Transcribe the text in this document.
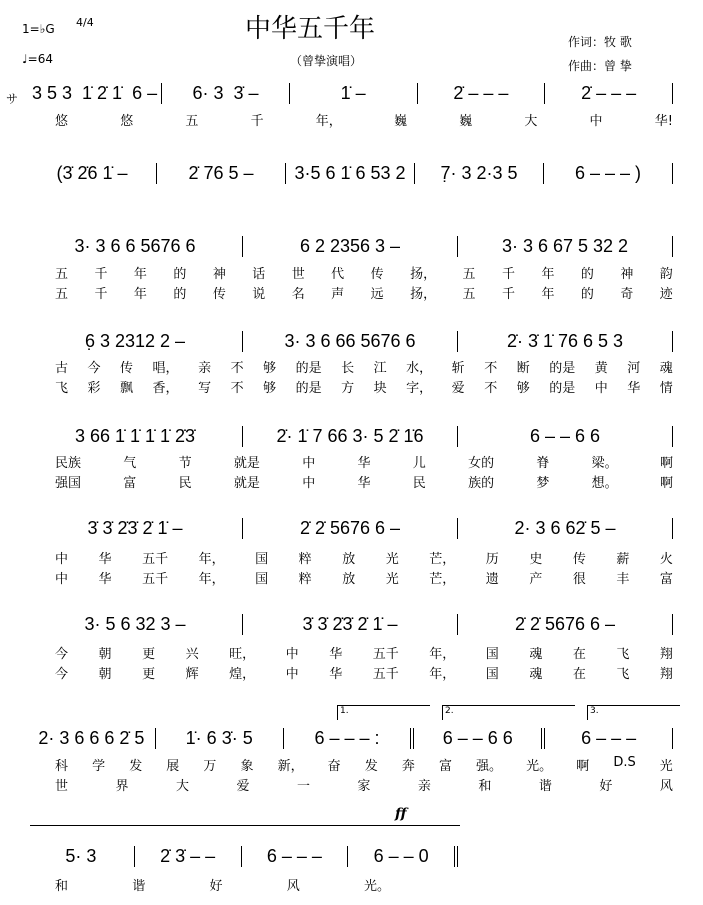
中华五千年
1=♭G 4/4
♩=64	（曾挚演唱）
作词：牧 歌
作曲：曾 挚
サ 3 5 3  1̇ 2̇ 1̇  6 –	6· 3  3̇ –	1̇ –	2̇ – – –	2̇ – – –
悠	悠	五	千	年，	巍	巍	大	中	华!
(3̇ 2̇6 1̇ –	2̇ 76 5 –	3·5 6 1̇ 6 53 2	7̣· 3 2·3 5	6 – – – )
3· 3 6 6 5676 6	6 2 2356 3 –	3· 3 6 67 5 32 2
五 千 年 的 神 话 世 代 传 扬， 五 千 年 的 神 韵
五 千 年 的 传 说 名 声 远 扬， 五 千 年 的 奇 迹
6̣ 3 2312 2 –	3· 3 6 66 5676 6	2̇· 3̇ 1̇ 76 6 5 3
古 今 传 唱， 亲 不 够 的是 长 江 水， 斩 不 断 的是 黄 河 魂
飞 彩 飘 香， 写 不 够 的是 方 块 字， 爱 不 够 的是 中 华 情
3 66 1̇ 1̇ 1̇ 1̇ 2̇3̇	2̇· 1̇ 7 66 3· 5 2̇ 1̇6	6 – – 6 6
民族	气	节	就是	中	华	儿	女的	脊	梁。	啊
强国	富	民	就是	中	华	民	族的	梦	想。	啊
3̇ 3̇ 2̇3̇ 2̇ 1̇ –	2̇ 2̇ 5676 6 –	2· 3 6 62̇ 5 –
中 华 五千 年， 国 粹 放 光 芒， 历 史 传 薪 火
中 华 五千 年， 国 粹 放 光 芒， 遗 产 很 丰 富
3· 5 6 32 3 –	3̇ 3̇ 2̇3̇ 2̇ 1̇ –	2̇ 2̇ 5676 6 –
今 朝 更 兴 旺， 中 华 五千 年， 国 魂 在 飞 翔
今 朝 更 辉 煌， 中 华 五千 年， 国 魂 在 飞 翔
2· 3 6 6 6 2̇ 5	1̇· 6 3̇· 5	6 – – – :	6 – – 6 6	6 – – –
科 学 发 展 万 象 新， 奋 发 奔 富 强。 光。 啊 D.S 光
世	界	大	爱	一	家	亲	和	谐	好	风
5· 3	2̇ 3̇ – –	6 – – –	6 – – 0
和	谐	好	风	光。
1.	2.	3.
ff
